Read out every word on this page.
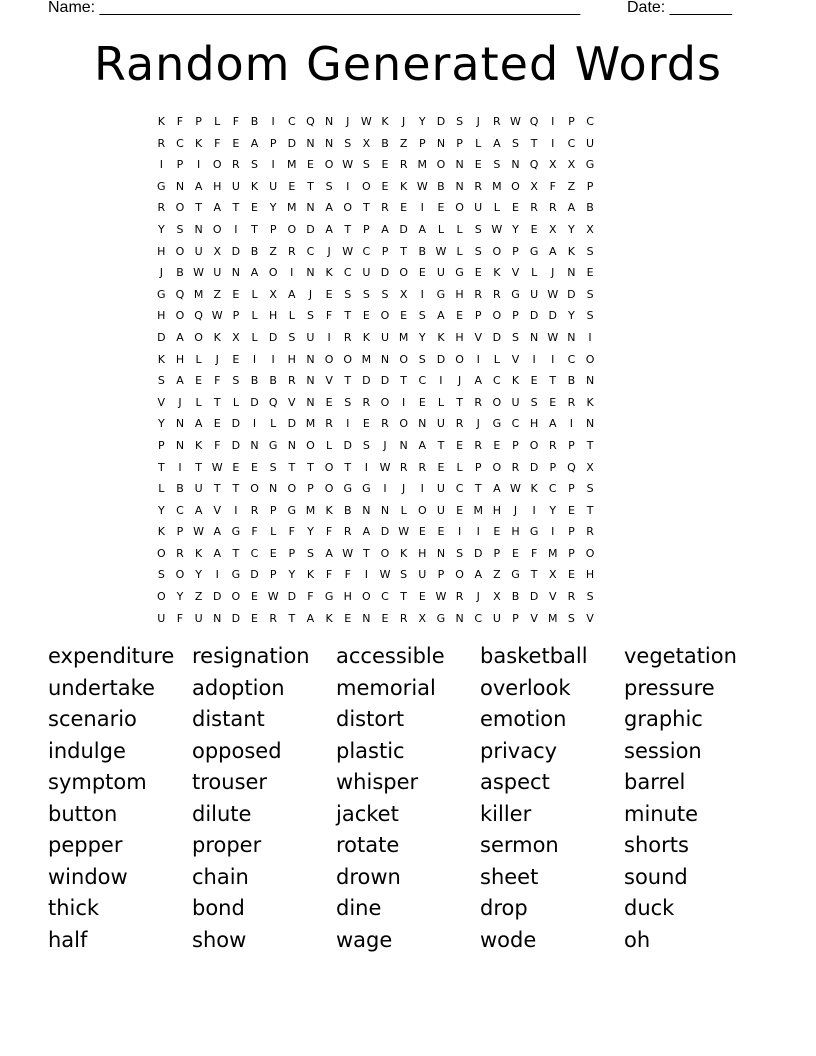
Name: ______________________________________________________	Date: _______
Random Generated Words
K	F	P	L	F	B	I	C Q N	J	W K	J	Y	D S	J	R W Q	I	P	C
R C	K	F	E	A	P	D N N	S	X	B	Z	P	N	P	L	A	S	T	I	C U
I	P	I	O R	S	I	M E O W S	E	R M O N	E	S	N Q X	X G
G N A H U	K	U	E	T	S	I	O E	K W B N R M O X	F	Z	P
R O T	A	T	E	Y M N A O T	R	E	I	E O U	L	E	R R	A	B
Y	S	N O	I	T	P O D A	T	P	A D A	L	L	S W Y	E	X	Y	X
H O U X D B	Z	R C	J	W C	P	T	B W L	S O P	G A	K	S
J	B W U N A O	I	N K	C U D O E	U G E	K	V	L	J	N	E
G Q M Z	E	L	X	A	J	E	S	S	S	X	I	G H R R G U W D S
H O Q W P	L	H	L	S	F	T	E O E	S	A	E	P O P	D D	Y	S
D A O K	X	L	D S	U	I	R	K	U M Y	K H V D S	N W N	I
K H	L	J	E	I	I	H N O O M N O S D O	I	L	V	I	I	C O
S	A	E	F	S	B	B	R N V	T	D D	T	C	I	J	A	C	K	E	T	B N
V	J	L	T	L	D Q V N	E	S	R O	I	E	L	T	R O U	S	E	R	K
Y	N A	E D	I	L	D M R	I	E	R O N U R	J	G C H A	I	N
P	N K	F	D N G N O	L	D S	J	N A	T	E	R	E	P O R	P	T
T	I	T W E	E	S	T	T O T	I	W R R	E	L	P O R D	P Q X
L	B U	T	T O N O P O G G	I	J	I	U C	T	A W K	C	P	S
Y	C	A	V	I	R	P	G M K	B N N	L	O U	E M H	J	I	Y	E	T
K	P W A G	F	L	F	Y	F	R	A D W E	E	I	I	E	H G	I	P	R
O R	K	A	T	C	E	P	S	A W T O K H N	S D	P	E	F M P O
S O Y	I	G D	P	Y	K	F	F	I	W S	U	P O A	Z G	T	X	E	H
O Y	Z D O E W D	F	G H O C	T	E W R	J	X	B D V	R	S
U	F	U N D E	R	T	A	K	E	N	E	R	X G N C U	P	V M S	V
expenditure resignation	accessible	basketball	vegetation
undertake	adoption	memorial	overlook	pressure
scenario	distant	distort	emotion	graphic
indulge	opposed	plastic	privacy	session
symptom	trouser	whisper	aspect	barrel
button	dilute	jacket	killer	minute
pepper	proper	rotate	sermon	shorts
window	chain	drown	sheet	sound
thick	bond	dine	drop	duck
half	show	wage	wode	oh
